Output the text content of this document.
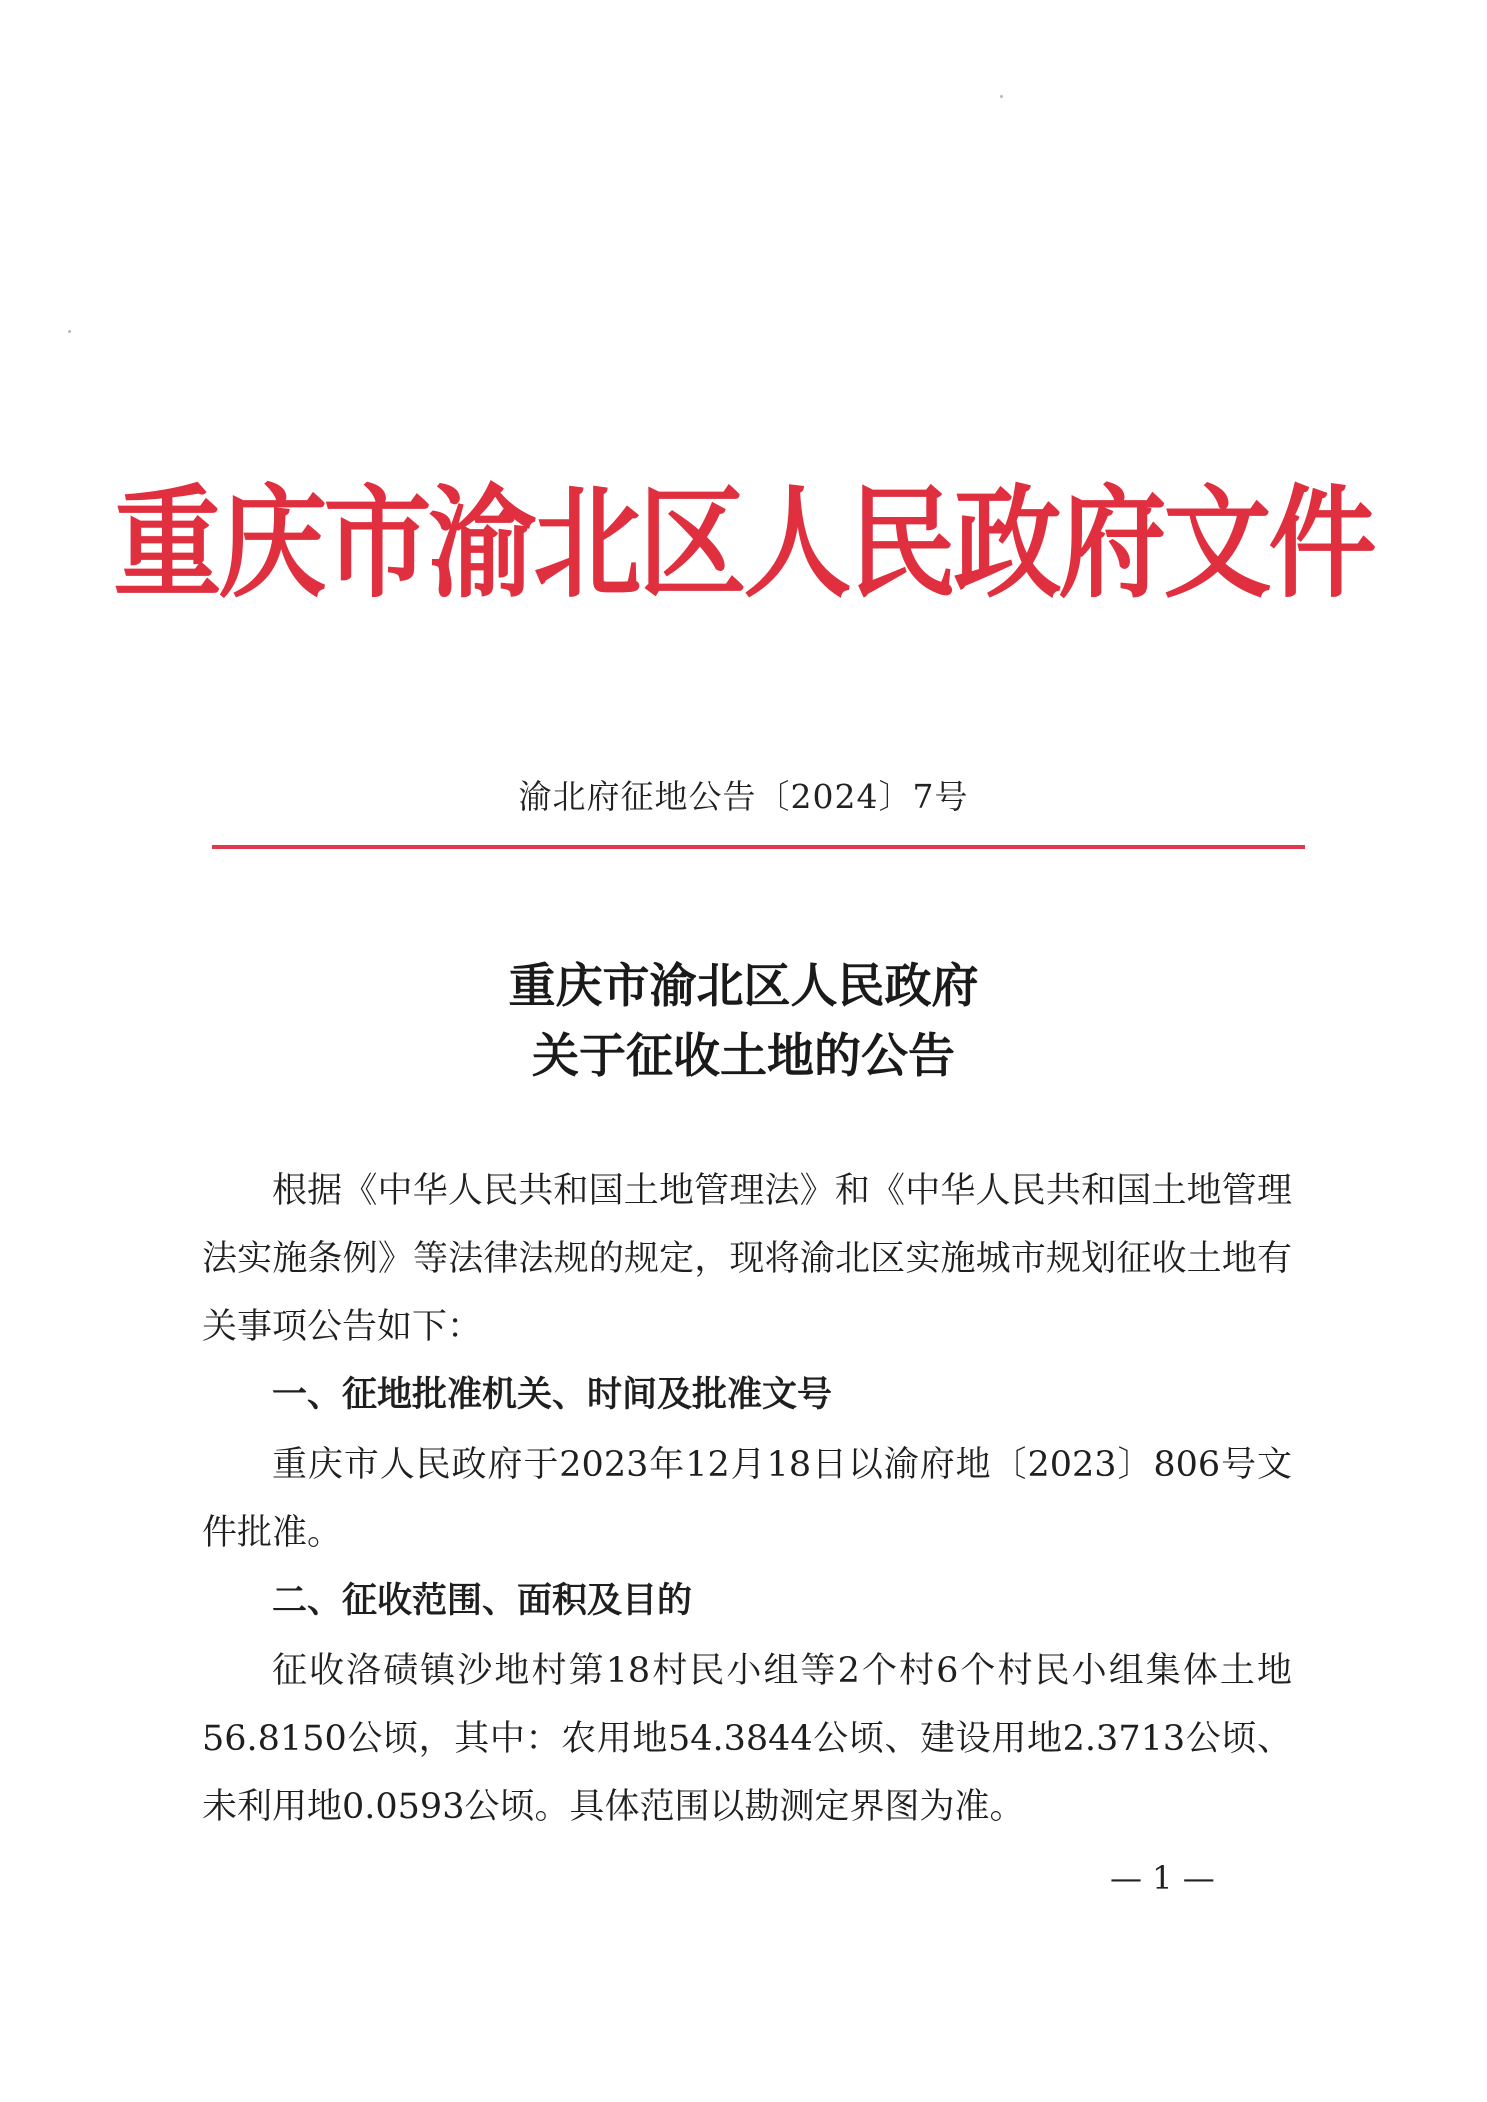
重庆市渝北区人民政府文件
渝北府征地公告〔2024〕7号
重庆市渝北区人民政府
关于征收土地的公告

根据《中华人民共和国土地管理法》和《中华人民共和国土地管理法实施条例》等法律法规的规定，现将渝北区实施城市规划征收土地有关事项公告如下：

一、征地批准机关、时间及批准文号

重庆市人民政府于2023年12月18日以渝府地〔2023〕806号文件批准。

二、征收范围、面积及目的

征收洛碛镇沙地村第18村民小组等2个村6个村民小组集体土地56.8150公顷，其中：农用地54.3844公顷、建设用地2.3713公顷、未利用地0.0593公顷。具体范围以勘测定界图为准。

— 1 —
